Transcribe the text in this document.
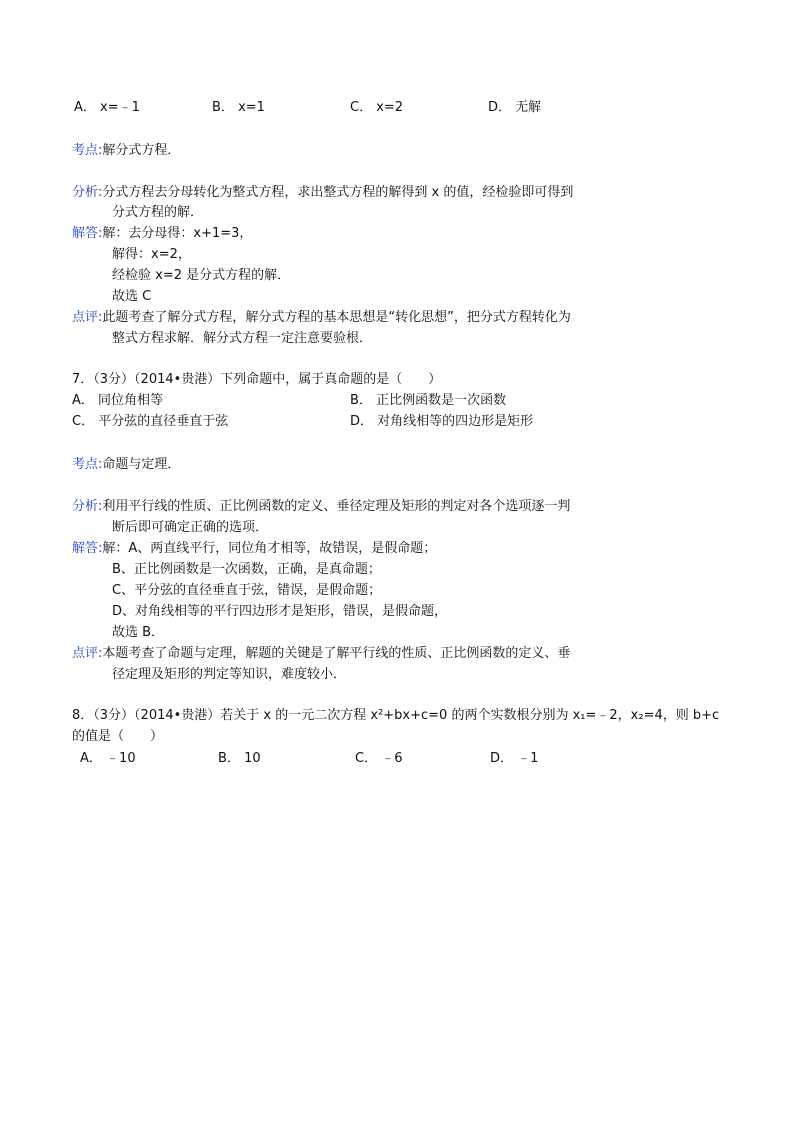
A． x=﹣1	B． x=1	C． x=2	D． 无解
考点:解分式方程．
分析:分式方程去分母转化为整式方程，求出整式方程的解得到 x 的值，经检验即可得到
分式方程的解．
解答:解：去分母得：x+1=3，
解得：x=2，
经检验 x=2 是分式方程的解．
故选 C
点评:此题考查了解分式方程，解分式方程的基本思想是“转化思想”，把分式方程转化为
整式方程求解．解分式方程一定注意要验根．
7．（3分）（2014•贵港）下列命题中，属于真命题的是（　　）
A． 同位角相等	B． 正比例函数是一次函数
C． 平分弦的直径垂直于弦	D． 对角线相等的四边形是矩形
考点:命题与定理．
分析:利用平行线的性质、正比例函数的定义、垂径定理及矩形的判定对各个选项逐一判
断后即可确定正确的选项．
解答:解：A、两直线平行，同位角才相等，故错误，是假命题；
B、正比例函数是一次函数，正确，是真命题；
C、平分弦的直径垂直于弦，错误，是假命题；
D、对角线相等的平行四边形才是矩形，错误，是假命题，
故选 B．
点评:本题考查了命题与定理，解题的关键是了解平行线的性质、正比例函数的定义、垂
径定理及矩形的判定等知识，难度较小．
8．（3分）（2014•贵港）若关于 x 的一元二次方程 x²+bx+c=0 的两个实数根分别为 x₁=﹣2，x₂=4，则 b+c
的值是（　　）
A． ﹣10	B． 10	C． ﹣6	D． ﹣1
